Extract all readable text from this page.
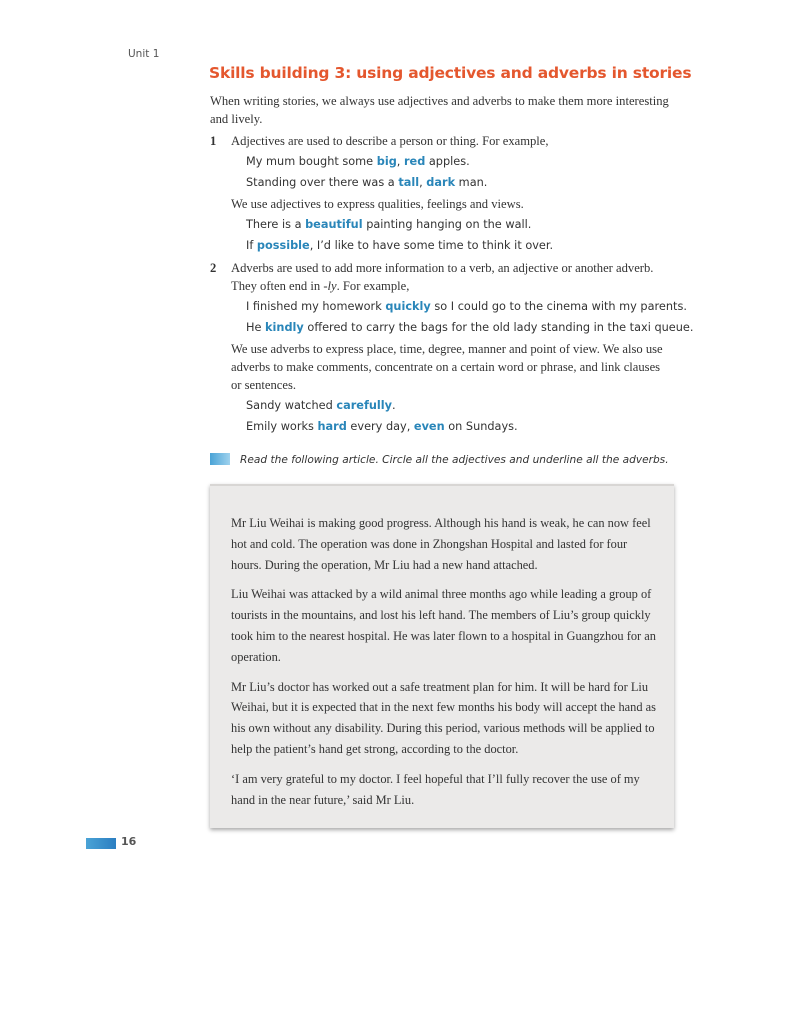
Unit 1
Skills building 3: using adjectives and adverbs in stories

When writing stories, we always use adjectives and adverbs to make them more interesting and lively.

1 Adjectives are used to describe a person or thing. For example,

My mum bought some big, red apples.

Standing over there was a tall, dark man.

We use adjectives to express qualities, feelings and views.

There is a beautiful painting hanging on the wall.

If possible, I’d like to have some time to think it over.

2 Adverbs are used to add more information to a verb, an adjective or another adverb. They often end in -ly. For example,

I finished my homework quickly so I could go to the cinema with my parents.

He kindly offered to carry the bags for the old lady standing in the taxi queue.

We use adverbs to express place, time, degree, manner and point of view. We also use adverbs to make comments, concentrate on a certain word or phrase, and link clauses or sentences.

Sandy watched carefully.

Emily works hard every day, even on Sundays.

Read the following article. Circle all the adjectives and underline all the adverbs.

Mr Liu Weihai is making good progress. Although his hand is weak, he can now feel hot and cold. The operation was done in Zhongshan Hospital and lasted for four hours. During the operation, Mr Liu had a new hand attached.

Liu Weihai was attacked by a wild animal three months ago while leading a group of tourists in the mountains, and lost his left hand. The members of Liu’s group quickly took him to the nearest hospital. He was later flown to a hospital in Guangzhou for an operation.

Mr Liu’s doctor has worked out a safe treatment plan for him. It will be hard for Liu Weihai, but it is expected that in the next few months his body will accept the hand as his own without any disability. During this period, various methods will be applied to help the patient’s hand get strong, according to the doctor.

‘I am very grateful to my doctor. I feel hopeful that I’ll fully recover the use of my hand in the near future,’ said Mr Liu.

16
